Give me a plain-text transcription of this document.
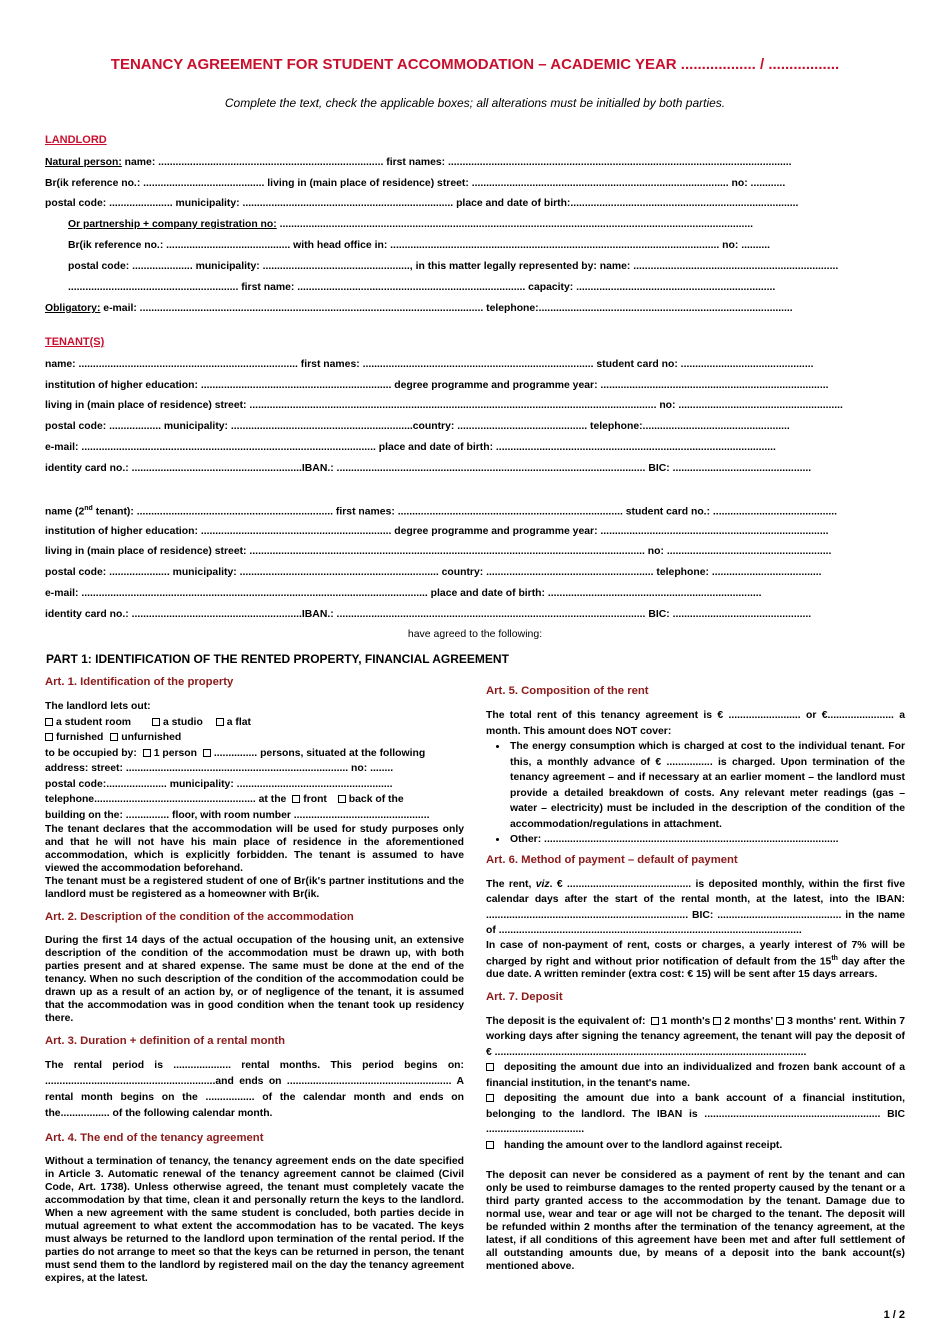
TENANCY AGREEMENT FOR STUDENT ACCOMMODATION – ACADEMIC YEAR .................. / .................
Complete the text, check the applicable boxes; all alterations must be initialled by both parties.
LANDLORD
Natural person: name: .............................................................................. first names: .......................................................................................................................
Br(ik reference no.: .......................................... living in (main place of residence) street: ......................................................................................... no: ............
postal code: ...................... municipality: ......................................................................... place and date of birth:...............................................................................
Or partnership + company registration no: ....................................................................................................................................................................
Br(ik reference no.: ........................................... with head office in: .................................................................................................................. no: ..........
postal code: ..................... municipality: ..................................................., in this matter legally represented by: name: .......................................................................
........................................................... first name: ............................................................................... capacity: .....................................................................
Obligatory: e-mail: ....................................................................................................................... telephone:........................................................................................
TENANT(S)
name: ............................................................................ first names: ................................................................................ student card no: ..............................................
institution of higher education: .................................................................. degree programme and programme year: ...............................................................................
living in (main place of residence) street: ............................................................................................................................................. no: .........................................................
postal code: .................. municipality: ...............................................................country: ............................................. telephone:...................................................
e-mail: ...................................................................................................... place and date of birth: .................................................................................................
identity card no.: ...........................................................IBAN.: ........................................................................................................... BIC: ................................................
name (2nd tenant): .................................................................... first names: .............................................................................. student card no.: ...........................................
institution of higher education: .................................................................. degree programme and programme year: ...............................................................................
living in (main place of residence) street: ......................................................................................................................................... no: .........................................................
postal code: ..................... municipality: ..................................................................... country: .......................................................... telephone: ......................................
e-mail: ........................................................................................................................ place and date of birth: ..........................................................................
identity card no.: ...........................................................IBAN.: ........................................................................................................... BIC: ................................................
have agreed to the following:
PART 1: IDENTIFICATION OF THE RENTED PROPERTY, FINANCIAL AGREEMENT

Art. 1. Identification of the property

The landlord lets out:
a student room	a studio a flat
furnished unfurnished
to be occupied by: 1 person ............... persons, situated at the following
address: street: ............................................................................. no: ........
postal code:..................... municipality: ......................................................
telephone........................................................ at the front back of the
building on the: ............... floor, with room number ...............................................

The tenant declares that the accommodation will be used for study purposes only and that he will not have his main place of residence in the aforementioned accommodation, which is explicitly forbidden. The tenant is assumed to have viewed the accommodation beforehand.

The tenant must be a registered student of one of Br(ik's partner institutions and the landlord must be registered as a homeowner with Br(ik.

Art. 2. Description of the condition of the accommodation

During the first 14 days of the actual occupation of the housing unit, an extensive description of the condition of the accommodation must be drawn up, with both parties present and at shared expense. The same must be done at the end of the tenancy. When no such description of the condition of the accommodation could be drawn up as a result of an action by, or of negligence of the tenant, it is assumed that the accommodation was in good condition when the tenant took up residency there.

Art. 3. Duration + definition of a rental month

The rental period is .................... rental months. This period begins on: ...........................................................and ends on ......................................................... A rental month begins on the ................. of the calendar month and ends on the................. of the following calendar month.

Art. 4. The end of the tenancy agreement

Without a termination of tenancy, the tenancy agreement ends on the date specified in Article 3. Automatic renewal of the tenancy agreement cannot be claimed (Civil Code, Art. 1738). Unless otherwise agreed, the tenant must completely vacate the accommodation by that time, clean it and personally return the keys to the landlord. When a new agreement with the same student is concluded, both parties decide in mutual agreement to what extent the accommodation has to be vacated. The keys must always be returned to the landlord upon termination of the rental period. If the parties do not arrange to meet so that the keys can be returned in person, the tenant must send them to the landlord by registered mail on the day the tenancy agreement expires, at the latest.

Art. 5. Composition of the rent

The total rent of this tenancy agreement is € ......................... or €....................... a month. This amount does NOT cover:

• The energy consumption which is charged at cost to the individual tenant. For this, a monthly advance of € ................ is charged. Upon termination of the tenancy agreement – and if necessary at an earlier moment – the landlord must provide a detailed breakdown of costs. Any relevant meter readings (gas – water – electricity) must be included in the description of the condition of the accommodation/regulations in attachment.
• Other: ......................................................................................................

Art. 6. Method of payment – default of payment

The rent, viz. € ........................................... is deposited monthly, within the first five calendar days after the start of the rental month, at the latest, into the IBAN: ...................................................................... BIC: ........................................... in the name of .........................................................................................................

In case of non-payment of rent, costs or charges, a yearly interest of 7% will be charged by right and without prior notification of default from the 15th day after the due date. A written reminder (extra cost: € 15) will be sent after 15 days arrears.

Art. 7. Deposit

The deposit is the equivalent of: 1 month's 2 months' 3 months' rent. Within 7 working days after signing the tenancy agreement, the tenant will pay the deposit of € ............................................................................................................

depositing the amount due into an individualized and frozen bank account of a financial institution, in the tenant's name.

depositing the amount due into a bank account of a financial institution, belonging to the landlord. The IBAN is ............................................................. BIC ..................................

handing the amount over to the landlord against receipt.

The deposit can never be considered as a payment of rent by the tenant and can only be used to reimburse damages to the rented property caused by the tenant or a third party granted access to the accommodation by the tenant. Damage due to normal use, wear and tear or age will not be charged to the tenant. The deposit will be refunded within 2 months after the termination of the tenancy agreement, at the latest, if all conditions of this agreement have been met and after full settlement of all outstanding amounts due, by means of a deposit into the bank account(s) mentioned above.

1 / 2
